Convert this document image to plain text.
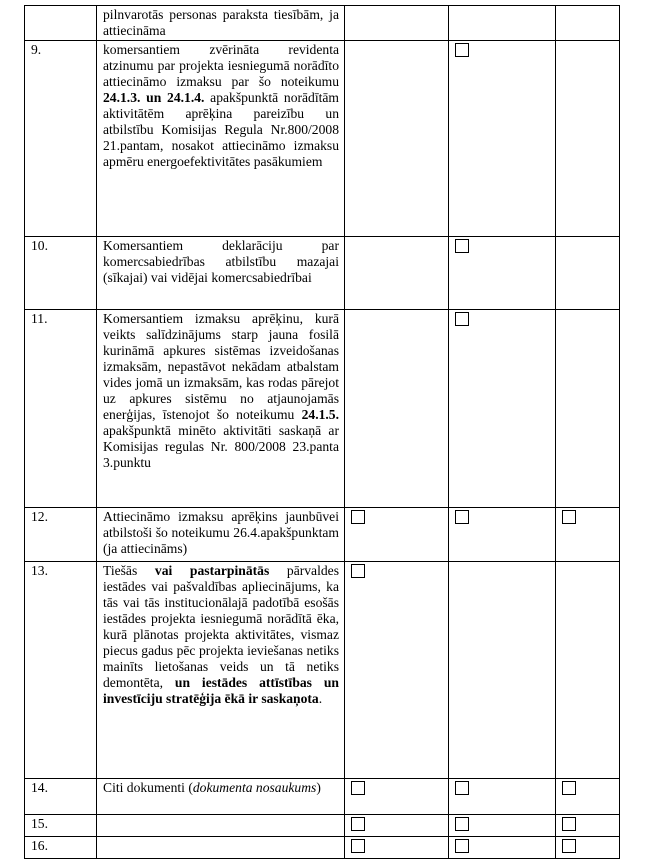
	pilnvarotās personas paraksta tiesībām, ja attiecināma			
9.	komersantiem zvērināta revidenta atzinumu par projekta iesniegumā norādīto attiecināmo izmaksu par šo noteikumu 24.1.3. un 24.1.4. apakšpunktā norādītām aktivitātēm aprēķina pareizību un atbilstību Komisijas Regula Nr.800/2008 21.pantam, nosakot attiecināmo izmaksu apmēru energoefektivitātes pasākumiem			
10.	Komersantiem deklarāciju par komercsabiedrības atbilstību mazajai (sīkajai) vai vidējai komercsabiedrībai			
11.	Komersantiem izmaksu aprēķinu, kurā veikts salīdzinājums starp jauna fosilā kurināmā apkures sistēmas izveidošanas izmaksām, nepastāvot nekādam atbalstam vides jomā un izmaksām, kas rodas pārejot uz apkures sistēmu no atjaunojamās enerģijas, īstenojot šo noteikumu 24.1.5. apakšpunktā minēto aktivitāti saskaņā ar Komisijas regulas Nr. 800/2008 23.panta 3.punktu			
12.	Attiecināmo izmaksu aprēķins jaunbūvei atbilstoši šo noteikumu 26.4.apakšpunktam (ja attiecināms)			
13.	Tiešās vai pastarpinātās pārvaldes iestādes vai pašvaldības apliecinājums, ka tās vai tās institucionālajā padotībā esošās iestādes projekta iesniegumā norādītā ēka, kurā plānotas projekta aktivitātes, vismaz piecus gadus pēc projekta ieviešanas netiks mainīts lietošanas veids un tā netiks demontēta, un iestādes attīstības un investīciju stratēģija ēkā ir saskaņota.			
14.	Citi dokumenti (dokumenta nosaukums)			
15.				
16.				
